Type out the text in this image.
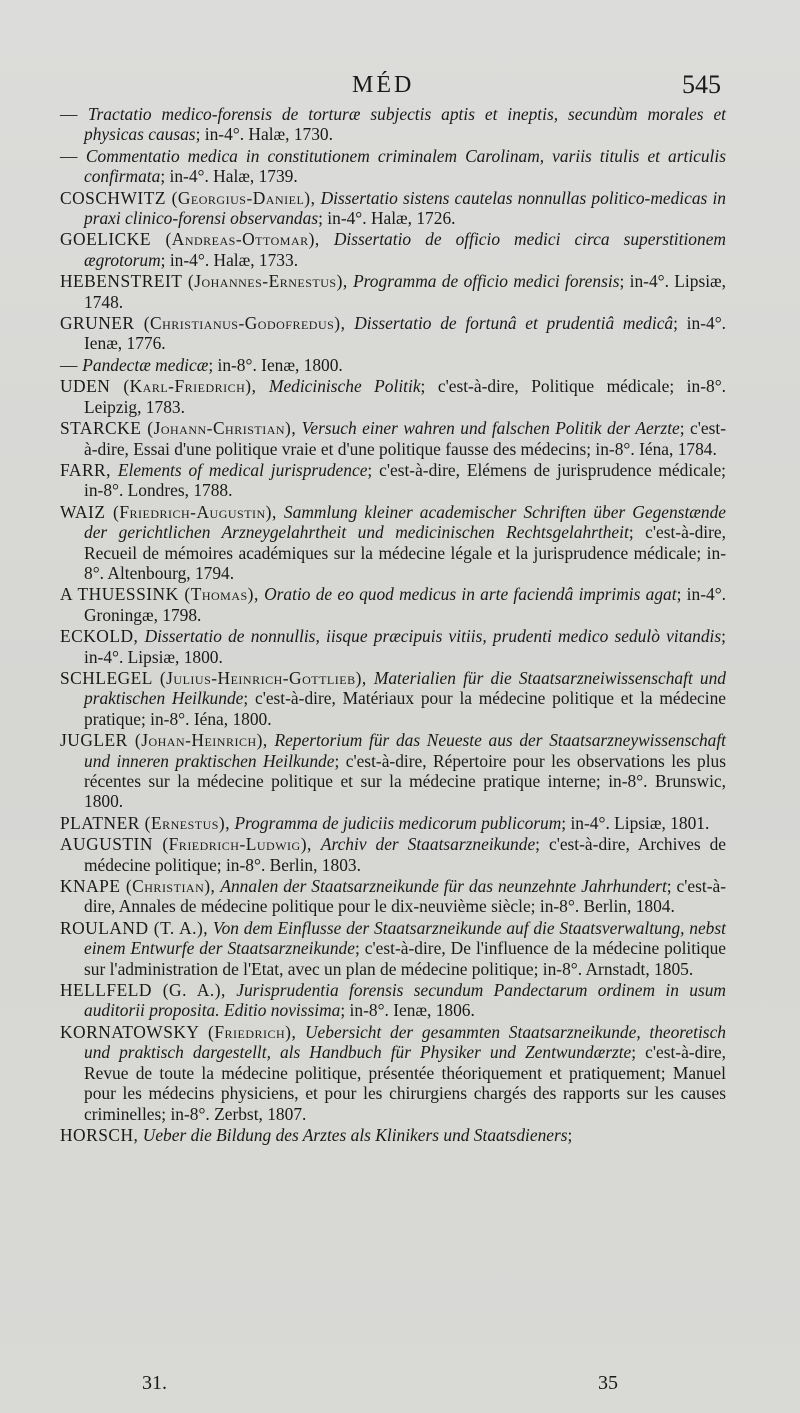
MÉD	545

— Tractatio medico-forensis de torturæ subjectis aptis et ineptis, secundùm morales et physicas causas; in-4°. Halæ, 1730.

— Commentatio medica in constitutionem criminalem Carolinam, variis titulis et articulis confirmata; in-4°. Halæ, 1739.

COSCHWITZ (Georgius-Daniel), Dissertatio sistens cautelas nonnullas politico-medicas in praxi clinico-forensi observandas; in-4°. Halæ, 1726.

GOELICKE (Andreas-Ottomar), Dissertatio de officio medici circa superstitionem ægrotorum; in-4°. Halæ, 1733.

HEBENSTREIT (Johannes-Ernestus), Programma de officio medici forensis; in-4°. Lipsiæ, 1748.

GRUNER (Christianus-Godofredus), Dissertatio de fortunâ et prudentiâ medicâ; in-4°. Ienæ, 1776.

— Pandectæ medicæ; in-8°. Ienæ, 1800.

UDEN (Karl-Friedrich), Medicinische Politik; c'est-à-dire, Politique médicale; in-8°. Leipzig, 1783.

STARCKE (Johann-Christian), Versuch einer wahren und falschen Politik der Aerzte; c'est-à-dire, Essai d'une politique vraie et d'une politique fausse des médecins; in-8°. Iéna, 1784.

FARR, Elements of medical jurisprudence; c'est-à-dire, Elémens de jurisprudence médicale; in-8°. Londres, 1788.

WAIZ (Friedrich-Augustin), Sammlung kleiner academischer Schriften über Gegenstænde der gerichtlichen Arzneygelahrtheit und medicinischen Rechtsgelahrtheit; c'est-à-dire, Recueil de mémoires académiques sur la médecine légale et la jurisprudence médicale; in-8°. Altenbourg, 1794.

A THUESSINK (Thomas), Oratio de eo quod medicus in arte faciendâ imprimis agat; in-4°. Groningæ, 1798.

ECKOLD, Dissertatio de nonnullis, iisque præcipuis vitiis, prudenti medico sedulò vitandis; in-4°. Lipsiæ, 1800.

SCHLEGEL (Julius-Heinrich-Gottlieb), Materialien für die Staatsarzneiwissenschaft und praktischen Heilkunde; c'est-à-dire, Matériaux pour la médecine politique et la médecine pratique; in-8°. Iéna, 1800.

JUGLER (Johan-Heinrich), Repertorium für das Neueste aus der Staatsarzneywissenschaft und inneren praktischen Heilkunde; c'est-à-dire, Répertoire pour les observations les plus récentes sur la médecine politique et sur la médecine pratique interne; in-8°. Brunswic, 1800.

PLATNER (Ernestus), Programma de judiciis medicorum publicorum; in-4°. Lipsiæ, 1801.

AUGUSTIN (Friedrich-Ludwig), Archiv der Staatsarzneikunde; c'est-à-dire, Archives de médecine politique; in-8°. Berlin, 1803.

KNAPE (Christian), Annalen der Staatsarzneikunde für das neunzehnte Jahrhundert; c'est-à-dire, Annales de médecine politique pour le dix-neuvième siècle; in-8°. Berlin, 1804.

ROULAND (T. A.), Von dem Einflusse der Staatsarzneikunde auf die Staatsverwaltung, nebst einem Entwurfe der Staatsarzneikunde; c'est-à-dire, De l'influence de la médecine politique sur l'administration de l'Etat, avec un plan de médecine politique; in-8°. Arnstadt, 1805.

HELLFELD (G. A.), Jurisprudentia forensis secundum Pandectarum ordinem in usum auditorii proposita. Editio novissima; in-8°. Ienæ, 1806.

KORNATOWSKY (Friedrich), Uebersicht der gesammten Staatsarzneikunde, theoretisch und praktisch dargestellt, als Handbuch für Physiker und Zentwundærzte; c'est-à-dire, Revue de toute la médecine politique, présentée théoriquement et pratiquement; Manuel pour les médecins physiciens, et pour les chirurgiens chargés des rapports sur les causes criminelles; in-8°. Zerbst, 1807.

HORSCH, Ueber die Bildung des Arztes als Klinikers und Staatsdieners;

31.	35
